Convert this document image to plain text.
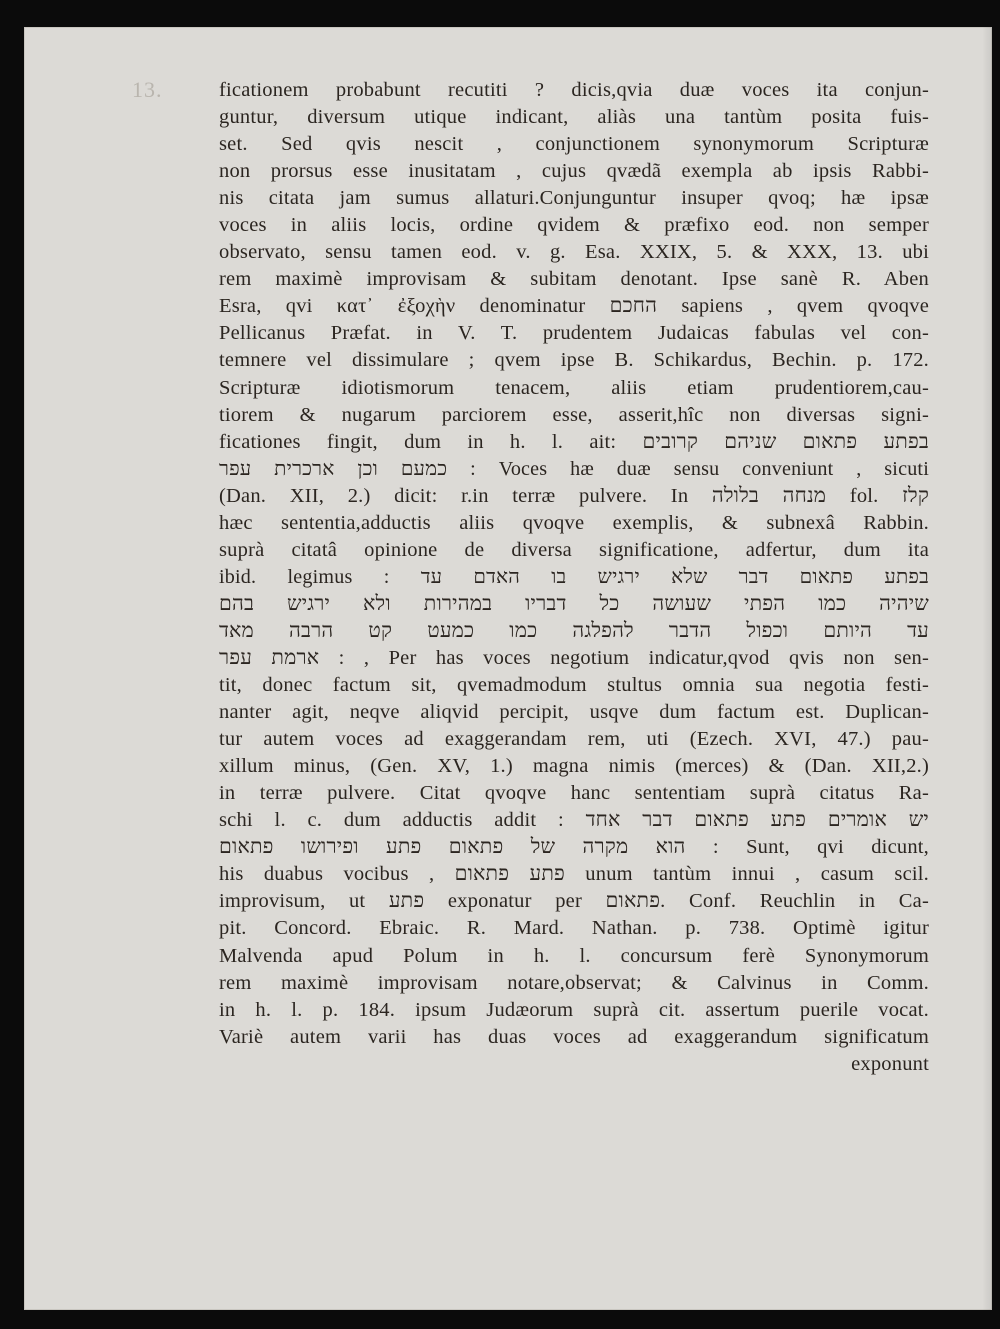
13.	ficationem probabunt recutiti ? dicis,qvia duæ voces ita conjun-
guntur, diversum utique indicant, aliàs una tantùm posita fuis-
set. Sed qvis nescit , conjunctionem synonymorum Scripturæ
non prorsus esse inusitatam , cujus qvædã exempla ab ipsis Rabbi-
nis citata jam sumus allaturi.Conjunguntur insuper qvoq; hæ ipsæ
voces in aliis locis, ordine qvidem & præfixo eod. non semper
observato, sensu tamen eod. v. g. Esa. XXIX, 5. & XXX, 13. ubi
rem maximè improvisam & subitam denotant. Ipse sanè R. Aben
Esra, qvi κατ᾽ ἐξοχὴν denominatur החכם sapiens , qvem qvoqve
Pellicanus Præfat. in V. T. prudentem Judaicas fabulas vel con-
temnere vel dissimulare ; qvem ipse B. Schikardus, Bechin. p. 172.
Scripturæ idiotismorum tenacem, aliis etiam prudentiorem,cau-
tiorem & nugarum parciorem esse, asserit,hîc non diversas signi-
ficationes fingit, dum in h. l. ait: בפתע פתאום שניהם קרובים
כמעם וכן ארכרית עפר : Voces hæ duæ sensu conveniunt , sicuti
(Dan. XII, 2.) dicit: r.in terræ pulvere. In מנחה בלולה fol. קלז
hæc sententia,adductis aliis qvoqve exemplis, & subnexâ Rabbin.
suprà citatâ opinione de diversa significatione, adfertur, dum ita
ibid. legimus : בפתע פתאום דבר שלא ירגיש בו האדם עד
שיהיה כמו הפתי שעושה כל דבריו במהירות ולא ירגיש בהם
עד היותם וכפול הדבר להפלגה כמו כמעט קט הרבה מאד
ארמת עפר : , Per has voces negotium indicatur,qvod qvis non sen-
tit, donec factum sit, qvemadmodum stultus omnia sua negotia festi-
nanter agit, neqve aliqvid percipit, usqve dum factum est. Duplican-
tur autem voces ad exaggerandam rem, uti (Ezech. XVI, 47.) pau-
xillum minus, (Gen. XV, 1.) magna nimis (merces) & (Dan. XII,2.)
in terræ pulvere. Citat qvoqve hanc sententiam suprà citatus Ra-
schi l. c. dum adductis addit : יש אומרים פתע פתאום דבר אחד
הוא מקרה של פתאום פתע ופירושו פתאום : Sunt, qvi dicunt,
his duabus vocibus , פתע פתאום unum tantùm innui , casum scil.
improvisum, ut פתע exponatur per פתאום. Conf. Reuchlin in Ca-
pit. Concord. Ebraic. R. Mard. Nathan. p. 738. Optimè igitur
Malvenda apud Polum in h. l. concursum ferè Synonymorum
rem maximè improvisam notare,observat; & Calvinus in Comm.
in h. l. p. 184. ipsum Judæorum suprà cit. assertum puerile vocat.
Variè autem varii has duas voces ad exaggerandum significatum
exponunt
